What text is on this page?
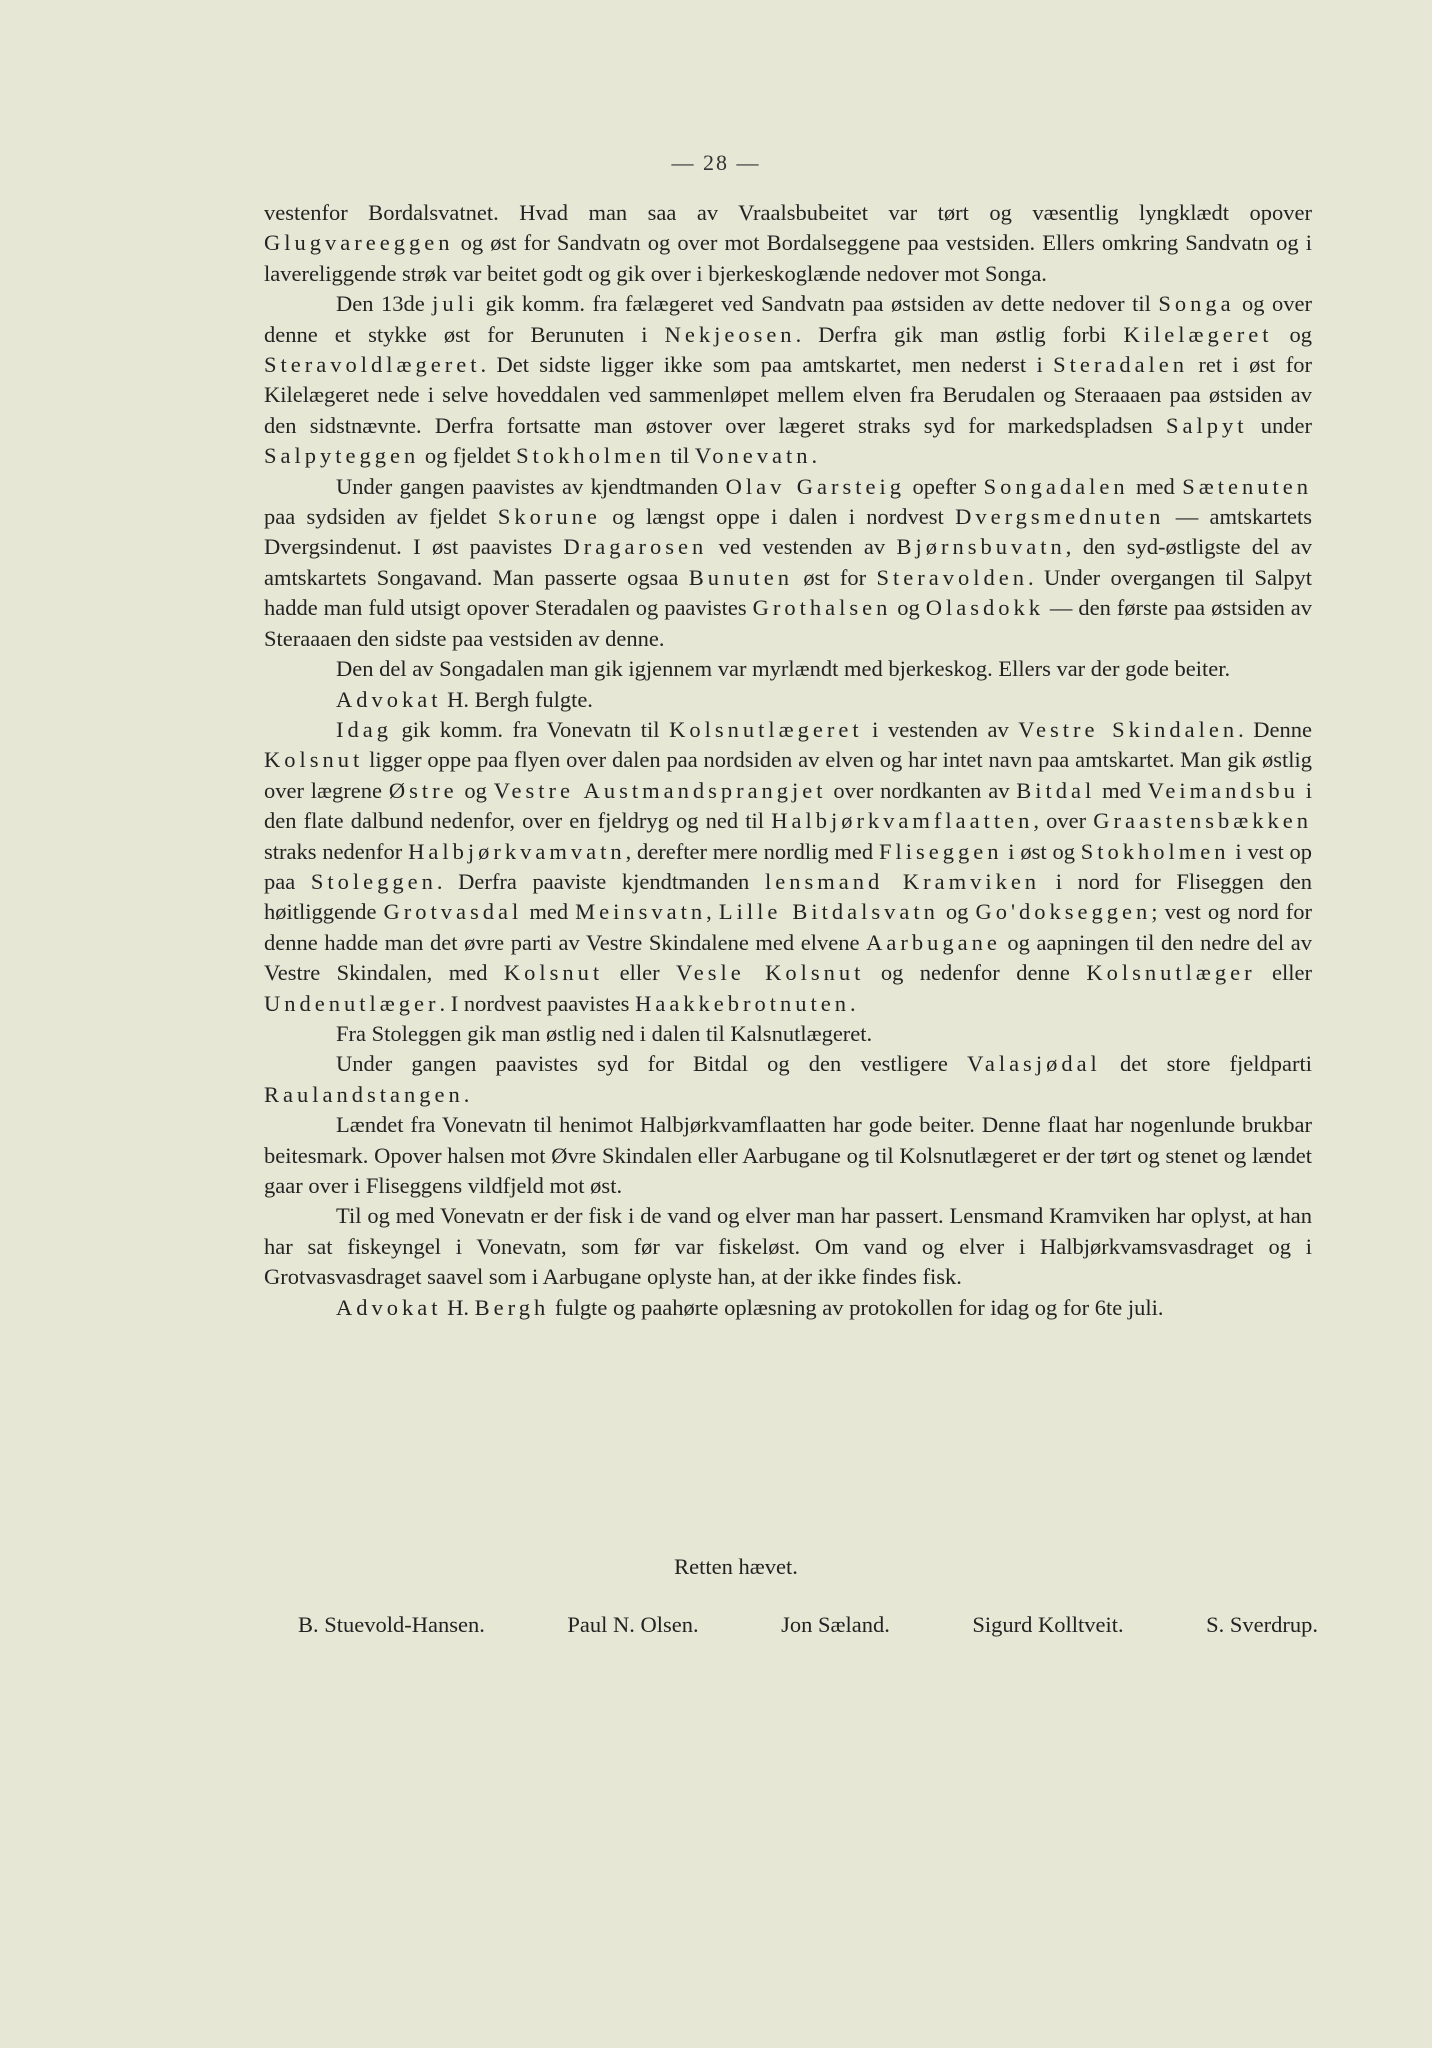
— 28 —

vestenfor Bordalsvatnet. Hvad man saa av Vraalsbubeitet var tørt og væsentlig lyngklædt opover Glugvareeggen og øst for Sandvatn og over mot Bordalseggene paa vestsiden. Ellers omkring Sandvatn og i lavereliggende strøk var beitet godt og gik over i bjerkeskoglænde nedover mot Songa.

Den 13de juli gik komm. fra fælægeret ved Sandvatn paa østsiden av dette nedover til Songa og over denne et stykke øst for Berunuten i Nekjeosen. Derfra gik man østlig forbi Kilelægeret og Steravoldlægeret. Det sidste ligger ikke som paa amtskartet, men nederst i Steradalen ret i øst for Kilelægeret nede i selve hoveddalen ved sammenløpet mellem elven fra Berudalen og Steraaaen paa østsiden av den sidstnævnte. Derfra fortsatte man østover over lægeret straks syd for markedspladsen Salpyt under Salpyteggen og fjeldet Stokholmen til Vonevatn.

Under gangen paavistes av kjendtmanden Olav Garsteig opefter Songadalen med Sætenuten paa sydsiden av fjeldet Skorune og længst oppe i dalen i nordvest Dvergsmednuten — amtskartets Dvergsindenut. I øst paavistes Dragarosen ved vestenden av Bjørnsbuvatn, den syd-østligste del av amtskartets Songavand. Man passerte ogsaa Bunuten øst for Steravolden. Under overgangen til Salpyt hadde man fuld utsigt opover Steradalen og paavistes Grothalsen og Olasdokk — den første paa østsiden av Steraaaen den sidste paa vestsiden av denne.

Den del av Songadalen man gik igjennem var myrlændt med bjerkeskog. Ellers var der gode beiter.

Advokat H. Bergh fulgte.

Idag gik komm. fra Vonevatn til Kolsnutlægeret i vestenden av Vestre Skindalen. Denne Kolsnut ligger oppe paa flyen over dalen paa nordsiden av elven og har intet navn paa amtskartet. Man gik østlig over lægrene Østre og Vestre Austmandsprangjet over nordkanten av Bitdal med Veimandsbu i den flate dalbund nedenfor, over en fjeldryg og ned til Halbjørkvamflaatten, over Graastensbækken straks nedenfor Halbjørkvamvatn, derefter mere nordlig med Fliseggen i øst og Stokholmen i vest op paa Stoleggen. Derfra paaviste kjendtmanden lensmand Kramviken i nord for Fliseggen den høitliggende Grotvasdal med Meinsvatn, Lille Bitdalsvatn og Go'dokseggen; vest og nord for denne hadde man det øvre parti av Vestre Skindalene med elvene Aarbugane og aapningen til den nedre del av Vestre Skindalen, med Kolsnut eller Vesle Kolsnut og nedenfor denne Kolsnutlæger eller Undenutlæger. I nordvest paavistes Haakkebrotnuten.

Fra Stoleggen gik man østlig ned i dalen til Kalsnutlægeret.

Under gangen paavistes syd for Bitdal og den vestligere Valasjødal det store fjeldparti Raulandstangen.

Lændet fra Vonevatn til henimot Halbjørkvamflaatten har gode beiter. Denne flaat har nogenlunde brukbar beitesmark. Opover halsen mot Øvre Skindalen eller Aarbugane og til Kolsnutlægeret er der tørt og stenet og lændet gaar over i Fliseggens vildfjeld mot øst.

Til og med Vonevatn er der fisk i de vand og elver man har passert. Lensmand Kramviken har oplyst, at han har sat fiskeyngel i Vonevatn, som før var fiskeløst. Om vand og elver i Halbjørkvamsvasdraget og i Grotvasvasdraget saavel som i Aarbugane oplyste han, at der ikke findes fisk.

Advokat H. Bergh fulgte og paahørte oplæsning av protokollen for idag og for 6te juli.

Retten hævet.
B. Stuevold-Hansen.	Paul N. Olsen.	Jon Sæland.	Sigurd Kolltveit.	S. Sverdrup.
